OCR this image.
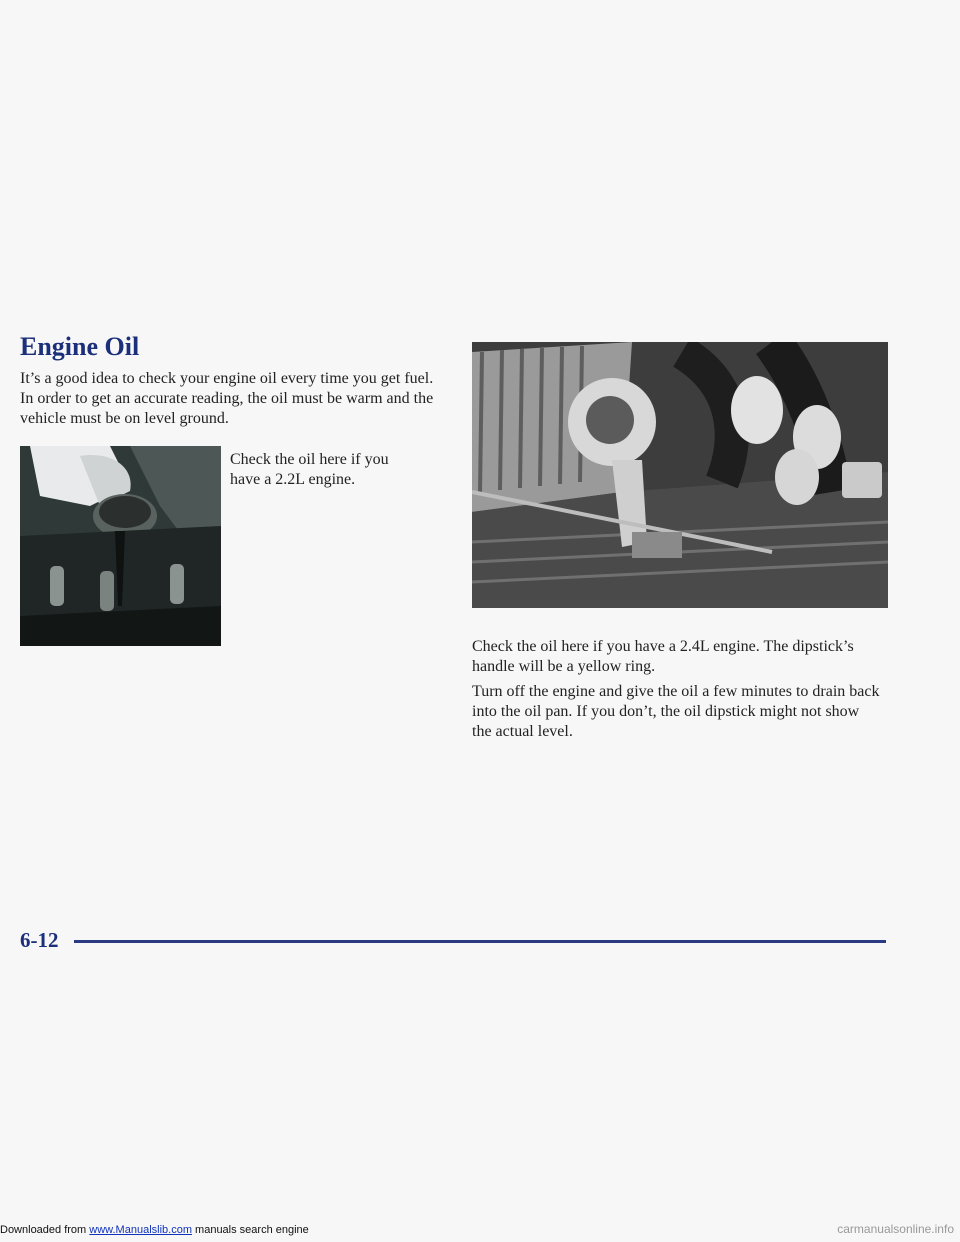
Engine Oil

It’s a good idea to check your engine oil every time you get fuel. In order to get an accurate reading, the oil must be warm and the vehicle must be on level ground.

Check the oil here if you have a 2.2L engine.

Check the oil here if you have a 2.4L engine. The dipstick’s handle will be a yellow ring.

Turn off the engine and give the oil a few minutes to drain back into the oil pan. If you don’t, the oil dipstick might not show the actual level.

6-12

Downloaded from www.Manualslib.com manuals search engine	carmanualsonline.info
